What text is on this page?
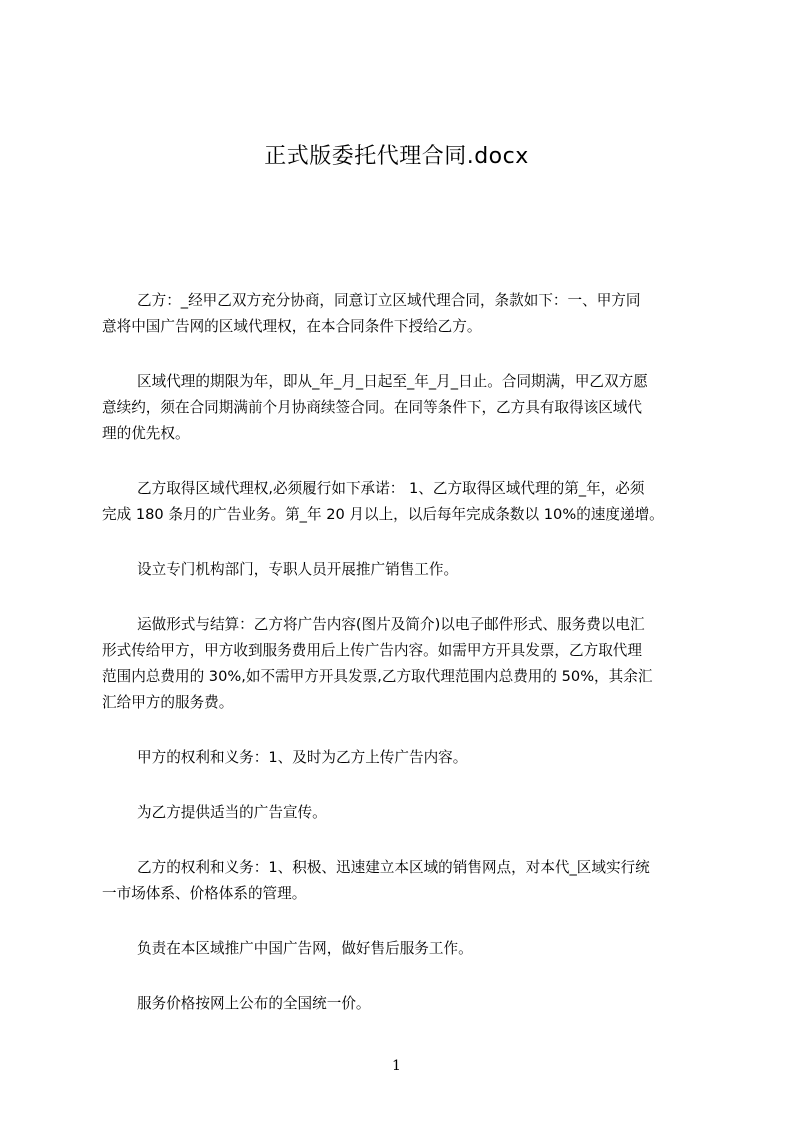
正式版委托代理合同.docx

乙方：_经甲乙双方充分协商，同意订立区域代理合同，条款如下：一、甲方同
意将中国广告网的区域代理权，在本合同条件下授给乙方。

区域代理的期限为年，即从_年_月_日起至_年_月_日止。合同期满，甲乙双方愿
意续约，须在合同期满前个月协商续签合同。在同等条件下，乙方具有取得该区域代
理的优先权。

乙方取得区域代理权,必须履行如下承诺： 1、乙方取得区域代理的第_年，必须
完成 180 条月的广告业务。第_年 20 月以上，以后每年完成条数以 10%的速度递增。

设立专门机构部门，专职人员开展推广销售工作。

运做形式与结算：乙方将广告内容(图片及简介)以电子邮件形式、服务费以电汇
形式传给甲方，甲方收到服务费用后上传广告内容。如需甲方开具发票，乙方取代理
范围内总费用的 30%,如不需甲方开具发票,乙方取代理范围内总费用的 50%，其余汇
汇给甲方的服务费。

甲方的权利和义务：1、及时为乙方上传广告内容。

为乙方提供适当的广告宣传。

乙方的权利和义务：1、积极、迅速建立本区域的销售网点，对本代_区域实行统
一市场体系、价格体系的管理。

负责在本区域推广中国广告网，做好售后服务工作。

服务价格按网上公布的全国统一价。

1
